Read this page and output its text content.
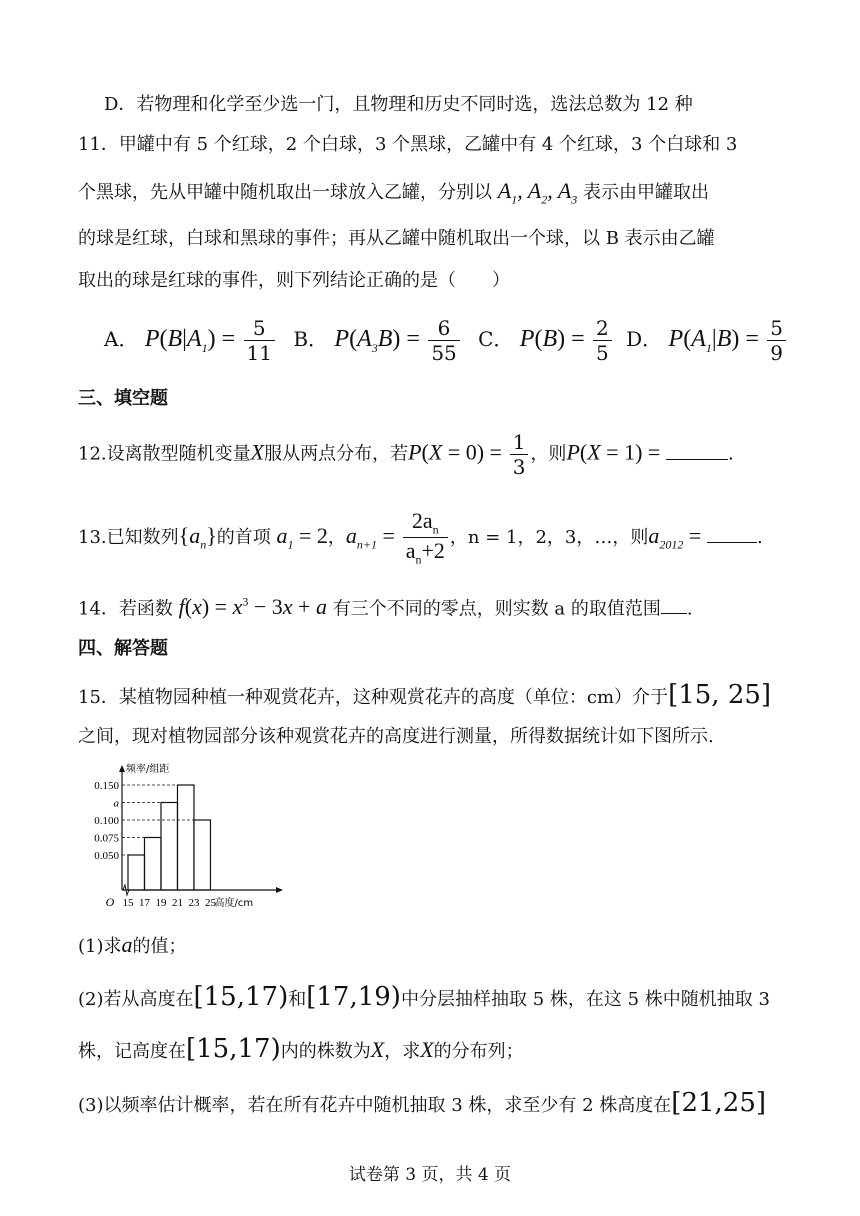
D．若物理和化学至少选一门，且物理和历史不同时选，选法总数为 12 种
11．甲罐中有 5 个红球，2 个白球，3 个黑球，乙罐中有 4 个红球，3 个白球和 3
个黑球，先从甲罐中随机取出一球放入乙罐，分别以 $A_1$, $A_2$, $A_3$ 表示由甲罐取出
的球是红球，白球和黑球的事件；再从乙罐中随机取出一个球，以 B 表示由乙罐
取出的球是红球的事件，则下列结论正确的是（　　）
A． $P(B|A_1) = \frac{5}{11}$ B． $P(A_3B) = \frac{6}{55}$ C． $P(B) = \frac{2}{5}$ D． $P(A_1|B) = \frac{5}{9}$
三、填空题
12.设离散型随机变量X服从两点分布，若$P(X = 0) = \frac{1}{3}$ ，则P(X = 1) =	.
13.已知数列$\{a_n\}$的首项 $a_1 = 2$，$a_{n+1} = \frac{2a_n}{a_n+2}$ ，n = 1，2，3，…，则$a_{2012}$ =	.
14．若函数 $f(x) = x^3 - 3x + a$ 有三个不同的零点，则实数 a 的取值范围 .
四、解答题
15．某植物园种植一种观赏花卉，这种观赏花卉的高度（单位：cm）介于[15, 25]
之间，现对植物园部分该种观赏花卉的高度进行测量，所得数据统计如下图所示.
0.150
a
0.100
0.075
0.050
15 17 19 21 23 25
O	高度/cm
频率/组距
(1)求a的值；
(2)若从高度在[15,17)和[17,19)中分层抽样抽取 5 株，在这 5 株中随机抽取 3
株，记高度在[15,17)内的株数为X，求X的分布列；
(3)以频率估计概率，若在所有花卉中随机抽取 3 株，求至少有 2 株高度在[21,25]
试卷第 3 页，共 4 页
